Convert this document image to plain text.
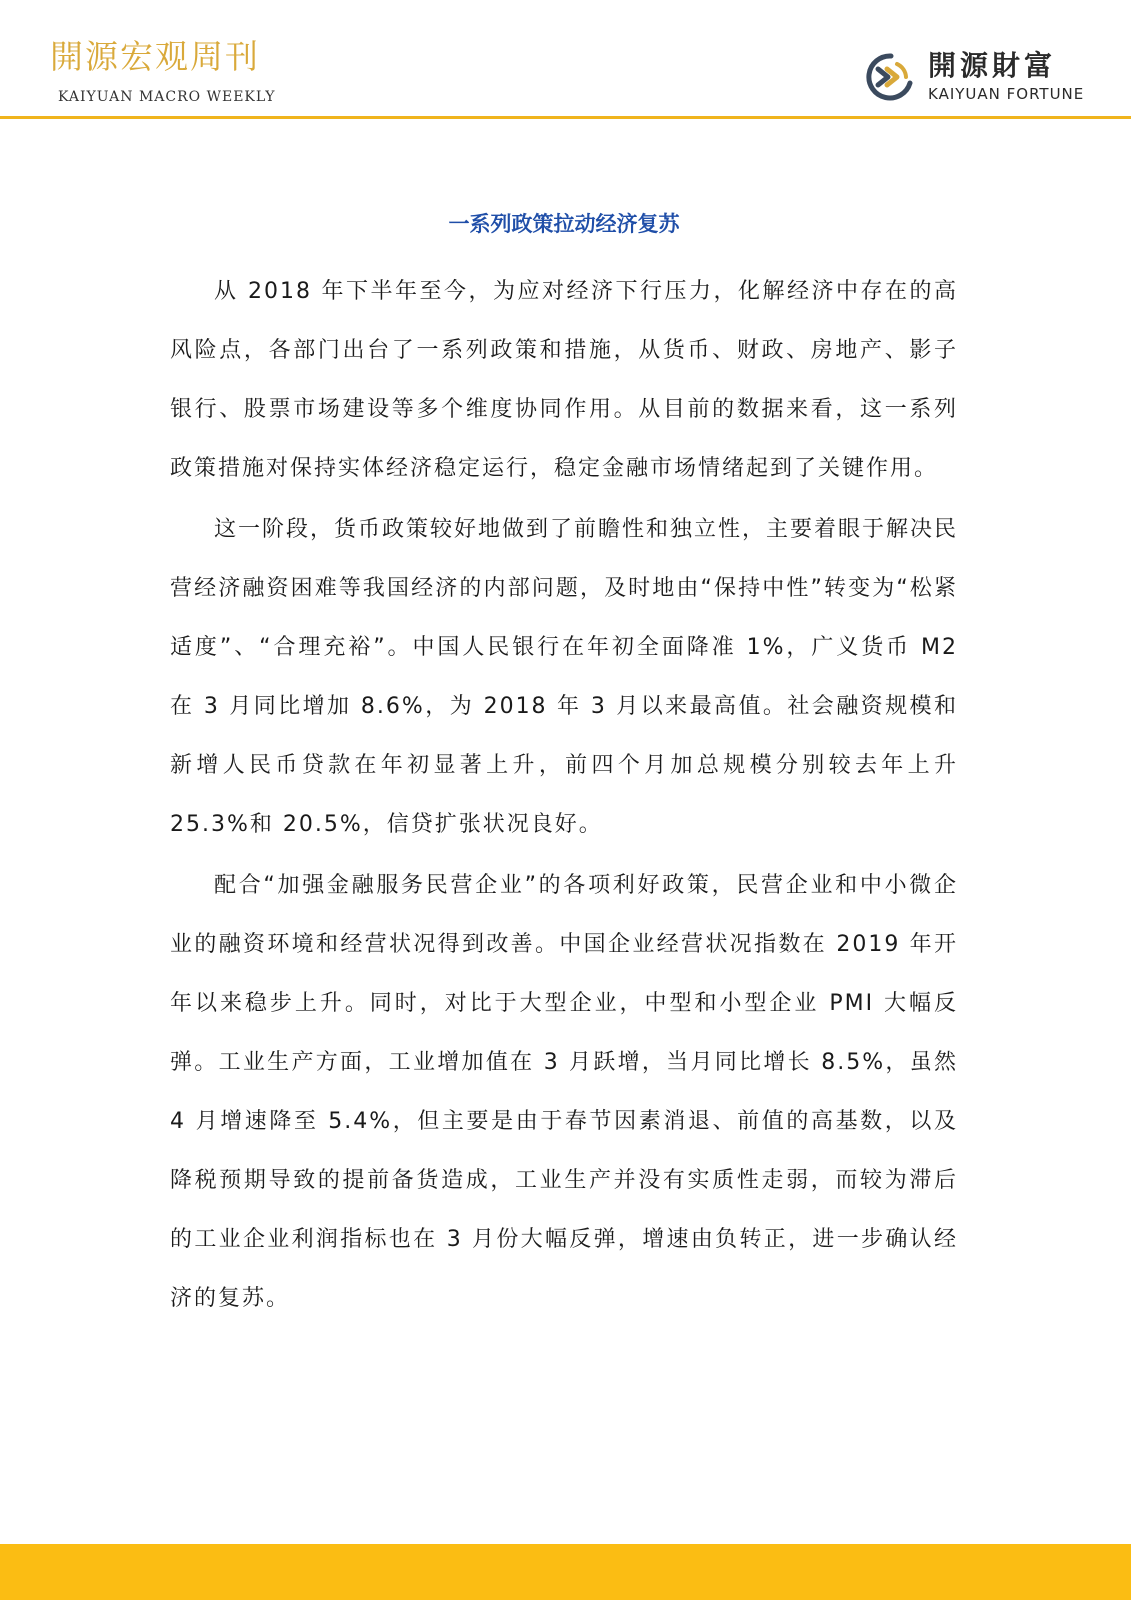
開源宏观周刊
KAIYUAN MACRO WEEKLY
開源財富
KAIYUAN FORTUNE
一系列政策拉动经济复苏

从 2018 年下半年至今，为应对经济下行压力，化解经济中存在的高风险点，各部门出台了一系列政策和措施，从货币、财政、房地产、影子银行、股票市场建设等多个维度协同作用。从目前的数据来看，这一系列政策措施对保持实体经济稳定运行，稳定金融市场情绪起到了关键作用。

这一阶段，货币政策较好地做到了前瞻性和独立性，主要着眼于解决民营经济融资困难等我国经济的内部问题，及时地由“保持中性”转变为“松紧适度”、“合理充裕”。中国人民银行在年初全面降准 1%，广义货币 M2 在 3 月同比增加 8.6%，为 2018 年 3 月以来最高值。社会融资规模和新增人民币贷款在年初显著上升，前四个月加总规模分别较去年上升 25.3%和 20.5%，信贷扩张状况良好。

配合“加强金融服务民营企业”的各项利好政策，民营企业和中小微企业的融资环境和经营状况得到改善。中国企业经营状况指数在 2019 年开年以来稳步上升。同时，对比于大型企业，中型和小型企业 PMI 大幅反弹。工业生产方面，工业增加值在 3 月跃增，当月同比增长 8.5%，虽然 4 月增速降至 5.4%，但主要是由于春节因素消退、前值的高基数，以及降税预期导致的提前备货造成，工业生产并没有实质性走弱，而较为滞后的工业企业利润指标也在 3 月份大幅反弹，增速由负转正，进一步确认经济的复苏。
